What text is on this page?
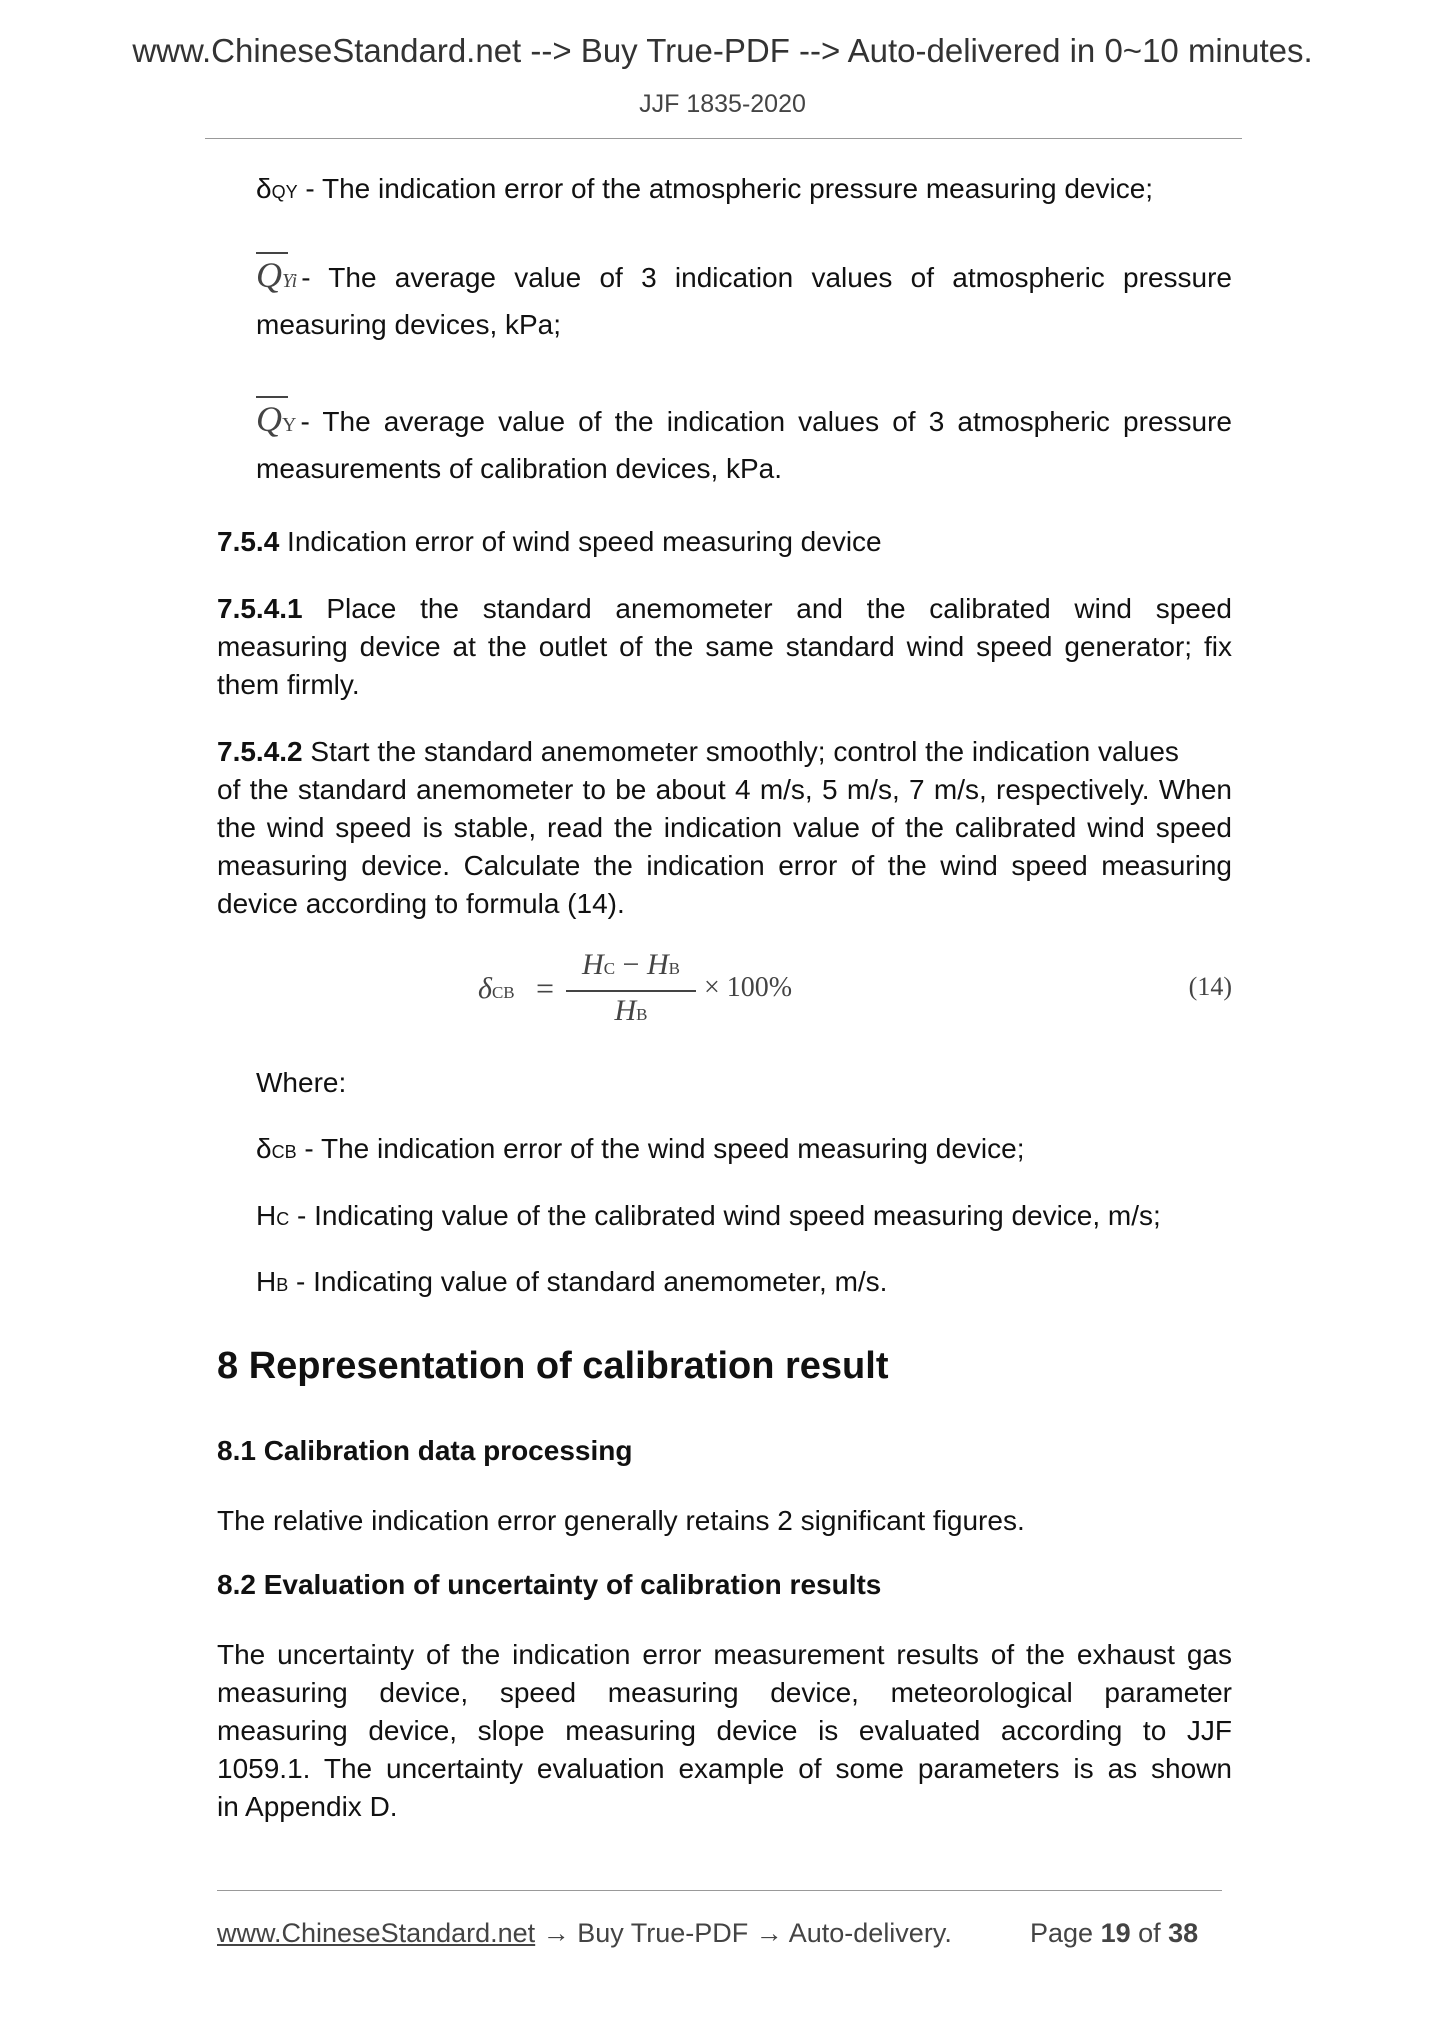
www.ChineseStandard.net --> Buy True-PDF --> Auto-delivered in 0~10 minutes.
JJF 1835-2020
δQY - The indication error of the atmospheric pressure measuring device;
Q Yi - The average value of 3 indication values of atmospheric pressure
measuring devices, kPa;
Q Y - The average value of the indication values of 3 atmospheric pressure
measurements of calibration devices, kPa.
7.5.4 Indication error of wind speed measuring device
7.5.4.1 Place the standard anemometer and the calibrated wind speed
measuring device at the outlet of the same standard wind speed generator; fix
them firmly.
7.5.4.2 Start the standard anemometer smoothly; control the indication values
of the standard anemometer to be about 4 m/s, 5 m/s, 7 m/s, respectively. When
the wind speed is stable, read the indication value of the calibrated wind speed
measuring device. Calculate the indication error of the wind speed measuring
device according to formula (14).
δCB =
HC − HB
HB
× 100%	(14)
Where:
δCB - The indication error of the wind speed measuring device;
HC - Indicating value of the calibrated wind speed measuring device, m/s;
HB - Indicating value of standard anemometer, m/s.
8 Representation of calibration result
8.1 Calibration data processing
The relative indication error generally retains 2 significant figures.
8.2 Evaluation of uncertainty of calibration results
The uncertainty of the indication error measurement results of the exhaust gas
measuring device, speed measuring device, meteorological parameter
measuring device, slope measuring device is evaluated according to JJF
1059.1. The uncertainty evaluation example of some parameters is as shown
in Appendix D.
www.ChineseStandard.net → Buy True-PDF → Auto-delivery.	Page 19 of 38
